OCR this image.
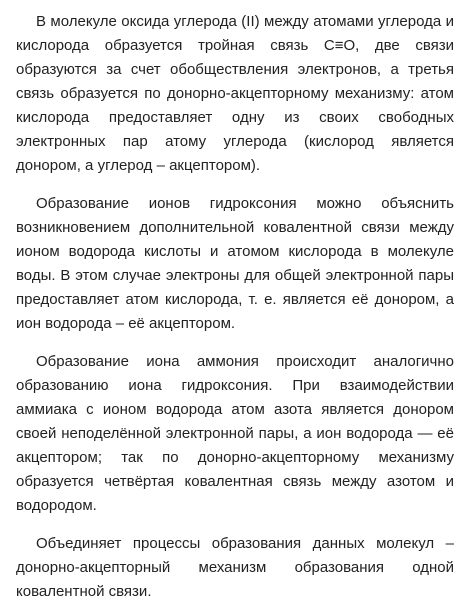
В молекуле оксида углерода (II) между атомами углерода и кислорода образуется тройная связь C≡O, две связи образуются за счет обобществления электронов, а третья связь образуется по донорно-акцепторному механизму: атом кислорода предоставляет одну из своих свободных электронных пар атому углерода (кислород является донором, а углерод – акцептором).

Образование ионов гидроксония можно объяснить возникновением дополнительной ковалентной связи между ионом водорода кислоты и атомом кислорода в молекуле воды. В этом случае электроны для общей электронной пары предоставляет атом кислорода, т. е. является её донором, а ион водорода – её акцептором.

Образование иона аммония происходит аналогично образованию иона гидроксония. При взаимодействии аммиака с ионом водорода атом азота является донором своей неподелённой электронной пары, а ион водорода — её акцептором; так по донорно-акцепторному механизму образуется четвёртая ковалентная связь между азотом и водородом.

Объединяет процессы образования данных молекул – донорно-акцепторный механизм образования одной ковалентной связи.
